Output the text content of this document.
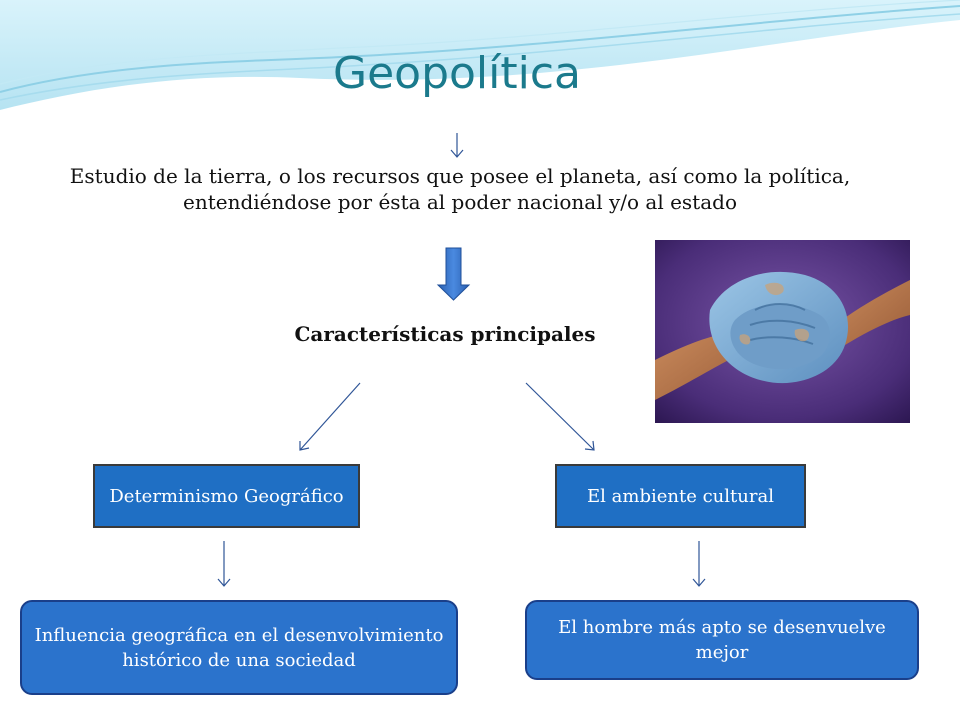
Geopolítica
Estudio de la tierra, o los recursos que posee el planeta, así como la política, entendiéndose por ésta al poder nacional y/o al estado
Características principales
Determinismo Geográfico	El ambiente cultural
Influencia geográfica en el desenvolvimiento histórico de una sociedad
El hombre más apto se desenvuelve mejor
